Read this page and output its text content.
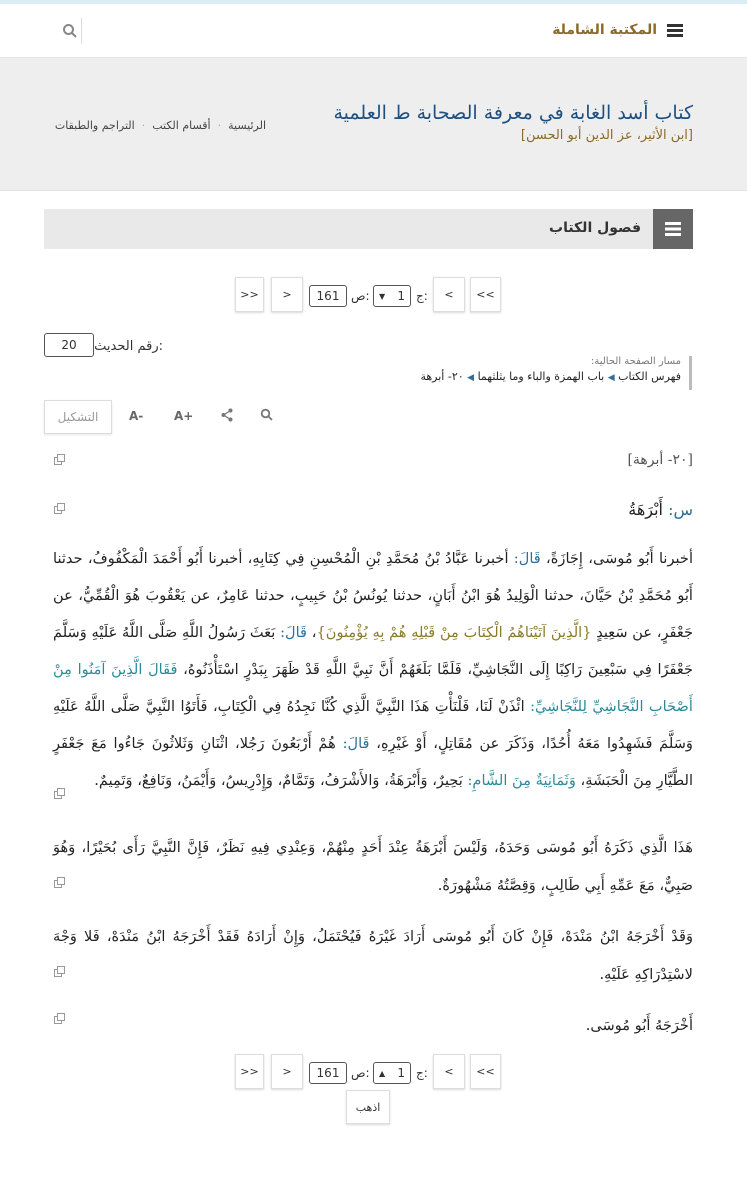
المكتبة الشاملة
كتاب أسد الغابة في معرفة الصحابة ط العلمية
[ابن الأثير، عز الدين أبو الحسن]
الرئيسية·أقسام الكتب·التراجم والطبقات
فصول الكتاب
>>	>	161 ص: ▼ 1 ج:	<	<<
رقم الحديث:
20
مسار الصفحة الحالية:
فهرس الكتاب ◀ باب الهمزة والباء وما يثلثهما ◀ ٢٠- أبرهة
التشكيل	A-	A+
[٢٠- أبرهة]
س: أَبْرَهَةُ
أخبرنا أَبُو مُوسَى، إِجَازَةً، قَالَ: أخبرنا عَبَّادُ بْنُ مُحَمَّدِ بْنِ الْمُحْسِنِ فِي كِتَابِهِ، أخبرنا أَبُو أَحْمَدَ الْمَكْفُوفُ، حدثنا أَبُو مُحَمَّدِ بْنُ حَيَّانَ، حدثنا الْوَلِيدُ هُوَ ابْنُ أَبَانٍ، حدثنا يُونُسُ بْنُ حَبِيبٍ، حدثنا عَامِرٌ، عن يَعْقُوبَ هُوَ الْقُمِّيُّ، عن جَعْفَرٍ، عن سَعِيدٍ {الَّذِينَ آتَيْنَاهُمُ الْكِتَابَ مِنْ قَبْلِهِ هُمْ بِهِ يُؤْمِنُونَ}، قَالَ: بَعَثَ رَسُولُ اللَّهِ صَلَّى اللَّهُ عَلَيْهِ وَسَلَّمَ جَعْفَرًا فِي سَبْعِينَ رَاكِبًا إِلَى النَّجَاشِيِّ، فَلَمَّا بَلَغَهُمْ أَنَّ نَبِيَّ اللَّهِ قَدْ ظَهَرَ بِبَدْرٍ اسْتَأْذَنُوهُ، فَقَالَ الَّذِينَ آمَنُوا مِنْ أَصْحَابِ النَّجَاشِيِّ لِلنَّجَاشِيِّ: ائْذَنْ لَنَا، فَلْنَأْتِ هَذَا النَّبِيَّ الَّذِي كُنَّا نَجِدُهُ فِي الْكِتَابِ، فَأَتَوُا النَّبِيَّ صَلَّى اللَّهُ عَلَيْهِ وَسَلَّمَ فَشَهِدُوا مَعَهُ أُحُدًا، وَذَكَرَ عن مُقَاتِلٍ، أَوْ غَيْرِهِ، قَالَ: هُمْ أَرْبَعُونَ رَجُلا، اثْنَانِ وَثَلاثُونَ جَاءُوا مَعَ جَعْفَرٍ الطَّيَّارِ مِنَ الْحَبَشَةِ، وَثَمَانِيَةٌ مِنَ الشَّامِ: بَحِيرٌ، وَأَبْرَهَةُ، وَالأَشْرَفُ، وَتَمَّامٌ، وَإِدْرِيسُ، وَأَيْمَنُ، وَنَافِعٌ، وَتَمِيمٌ.
هَذَا الَّذِي ذَكَرَهُ أَبُو مُوسَى وَحَدَهُ، وَلَيْسَ أَبْرَهَةُ عِنْدَ أَحَدٍ مِنْهُمْ، وَعِنْدِي فِيهِ نَظَرٌ، فَإِنَّ النَّبِيَّ رَأَى بُحَيْرًا، وَهُوَ صَبِيٌّ، مَعَ عَمِّهِ أَبِي طَالِبٍ، وَقِصَّتُهُ مَشْهُورَةٌ.
وَقَدْ أَخْرَجَهُ ابْنُ مَنْدَهْ، فَإِنْ كَانَ أَبُو مُوسَى أَرَادَ غَيْرَهُ فَيُحْتَمَلُ، وَإِنْ أَرَادَهُ فَقَدْ أَخْرَجَهُ ابْنُ مَنْدَهْ، فَلا وَجْهَ لاسْتِدْرَاكِهِ عَلَيْهِ.
أَخْرَجَهُ أَبُو مُوسَى.
>>	>	161 ص: ▲ 1 ج:	<	<<
اذهب
